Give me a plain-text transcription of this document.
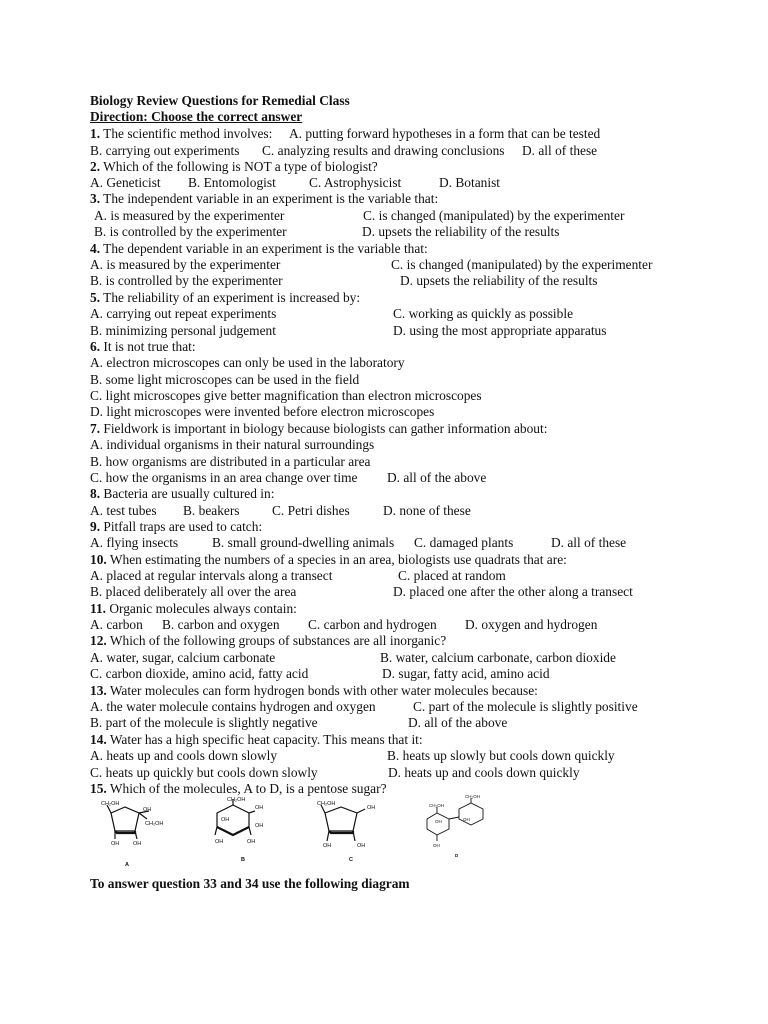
Biology Review Questions for Remedial Class
Direction: Choose the correct answer
1. The scientific method involves: A. putting forward hypotheses in a form that can be tested
B. carrying out experiments C. analyzing results and drawing conclusions D. all of these
2. Which of the following is NOT a type of biologist?
A. Geneticist B. Entomologist C. Astrophysicist	D. Botanist
3. The independent variable in an experiment is the variable that:
A. is measured by the experimenter	C. is changed (manipulated) by the experimenter
B. is controlled by the experimenter	D. upsets the reliability of the results
4. The dependent variable in an experiment is the variable that:
A. is measured by the experimenter	C. is changed (manipulated) by the experimenter
B. is controlled by the experimenter	D. upsets the reliability of the results
5. The reliability of an experiment is increased by:
A. carrying out repeat experiments	C. working as quickly as possible
B. minimizing personal judgement	D. using the most appropriate apparatus
6. It is not true that:
A. electron microscopes can only be used in the laboratory
B. some light microscopes can be used in the field
C. light microscopes give better magnification than electron microscopes
D. light microscopes were invented before electron microscopes
7. Fieldwork is important in biology because biologists can gather information about:
A. individual organisms in their natural surroundings
B. how organisms are distributed in a particular area
C. how the organisms in an area change over time D. all of the above
8. Bacteria are usually cultured in:
A. test tubes B. beakers C. Petri dishes D. none of these
9. Pitfall traps are used to catch:
A. flying insects	B. small ground-dwelling animals C. damaged plants	D. all of these
10. When estimating the numbers of a species in an area, biologists use quadrats that are:
A. placed at regular intervals along a transect	C. placed at random
B. placed deliberately all over the area	D. placed one after the other along a transect
11. Organic molecules always contain:
A. carbon B. carbon and oxygen C. carbon and hydrogen D. oxygen and hydrogen
12. Which of the following groups of substances are all inorganic?
A. water, sugar, calcium carbonate	B. water, calcium carbonate, carbon dioxide
C. carbon dioxide, amino acid, fatty acid	D. sugar, fatty acid, amino acid
13. Water molecules can form hydrogen bonds with other water molecules because:
A. the water molecule contains hydrogen and oxygen	C. part of the molecule is slightly positive
B. part of the molecule is slightly negative	D. all of the above
14. Water has a high specific heat capacity. This means that it:
A. heats up and cools down slowly	B. heats up slowly but cools down quickly
C. heats up quickly but cools down slowly	D. heats up and cools down quickly
15. Which of the molecules, A to D, is a pentose sugar?
CH₂OH
OH
CH₂OH
OH	OH
A
CH₂OH
OH
OH
OH
OH	OH
B
CH₂OH
OH
OH	OH
C
CH₂OH
CH₂OH
OH	OH
OH
D
To answer question 33 and 34 use the following diagram
